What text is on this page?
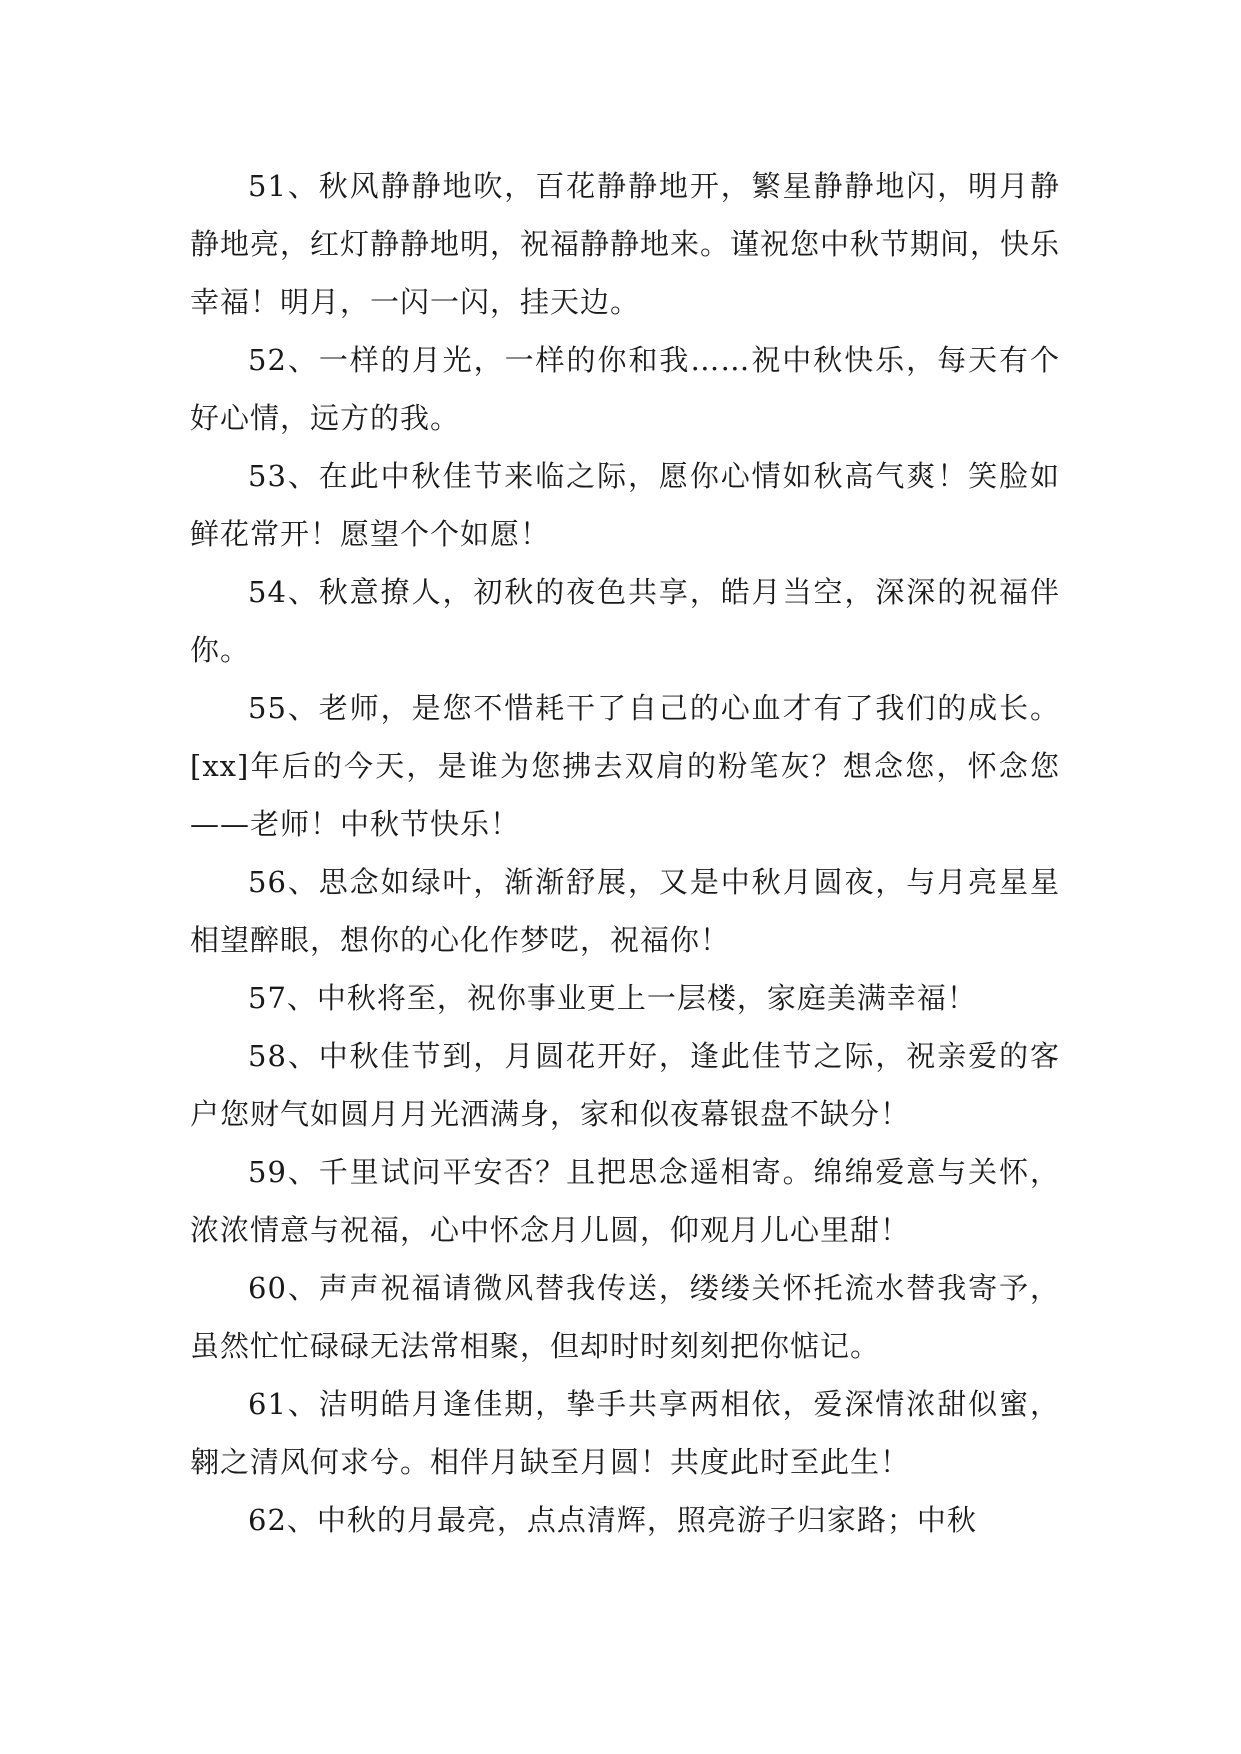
51、秋风静静地吹，百花静静地开，繁星静静地闪，明月静静地亮，红灯静静地明，祝福静静地来。谨祝您中秋节期间，快乐幸福！明月，一闪一闪，挂天边。

52、一样的月光，一样的你和我……祝中秋快乐，每天有个好心情，远方的我。

53、在此中秋佳节来临之际，愿你心情如秋高气爽！笑脸如鲜花常开！愿望个个如愿！

54、秋意撩人，初秋的夜色共享，皓月当空，深深的祝福伴你。

55、老师，是您不惜耗干了自己的心血才有了我们的成长。[xx]年后的今天，是谁为您拂去双肩的粉笔灰？想念您，怀念您——老师！中秋节快乐！

56、思念如绿叶，渐渐舒展，又是中秋月圆夜，与月亮星星相望醉眼，想你的心化作梦呓，祝福你！

57、中秋将至，祝你事业更上一层楼，家庭美满幸福！

58、中秋佳节到，月圆花开好，逢此佳节之际，祝亲爱的客户您财气如圆月月光洒满身，家和似夜幕银盘不缺分！

59、千里试问平安否？且把思念遥相寄。绵绵爱意与关怀，浓浓情意与祝福，心中怀念月儿圆，仰观月儿心里甜！

60、声声祝福请微风替我传送，缕缕关怀托流水替我寄予，虽然忙忙碌碌无法常相聚，但却时时刻刻把你惦记。

61、洁明皓月逢佳期，挚手共享两相依，爱深情浓甜似蜜，翱之清风何求兮。相伴月缺至月圆！共度此时至此生！

62、中秋的月最亮，点点清辉，照亮游子归家路；中秋
